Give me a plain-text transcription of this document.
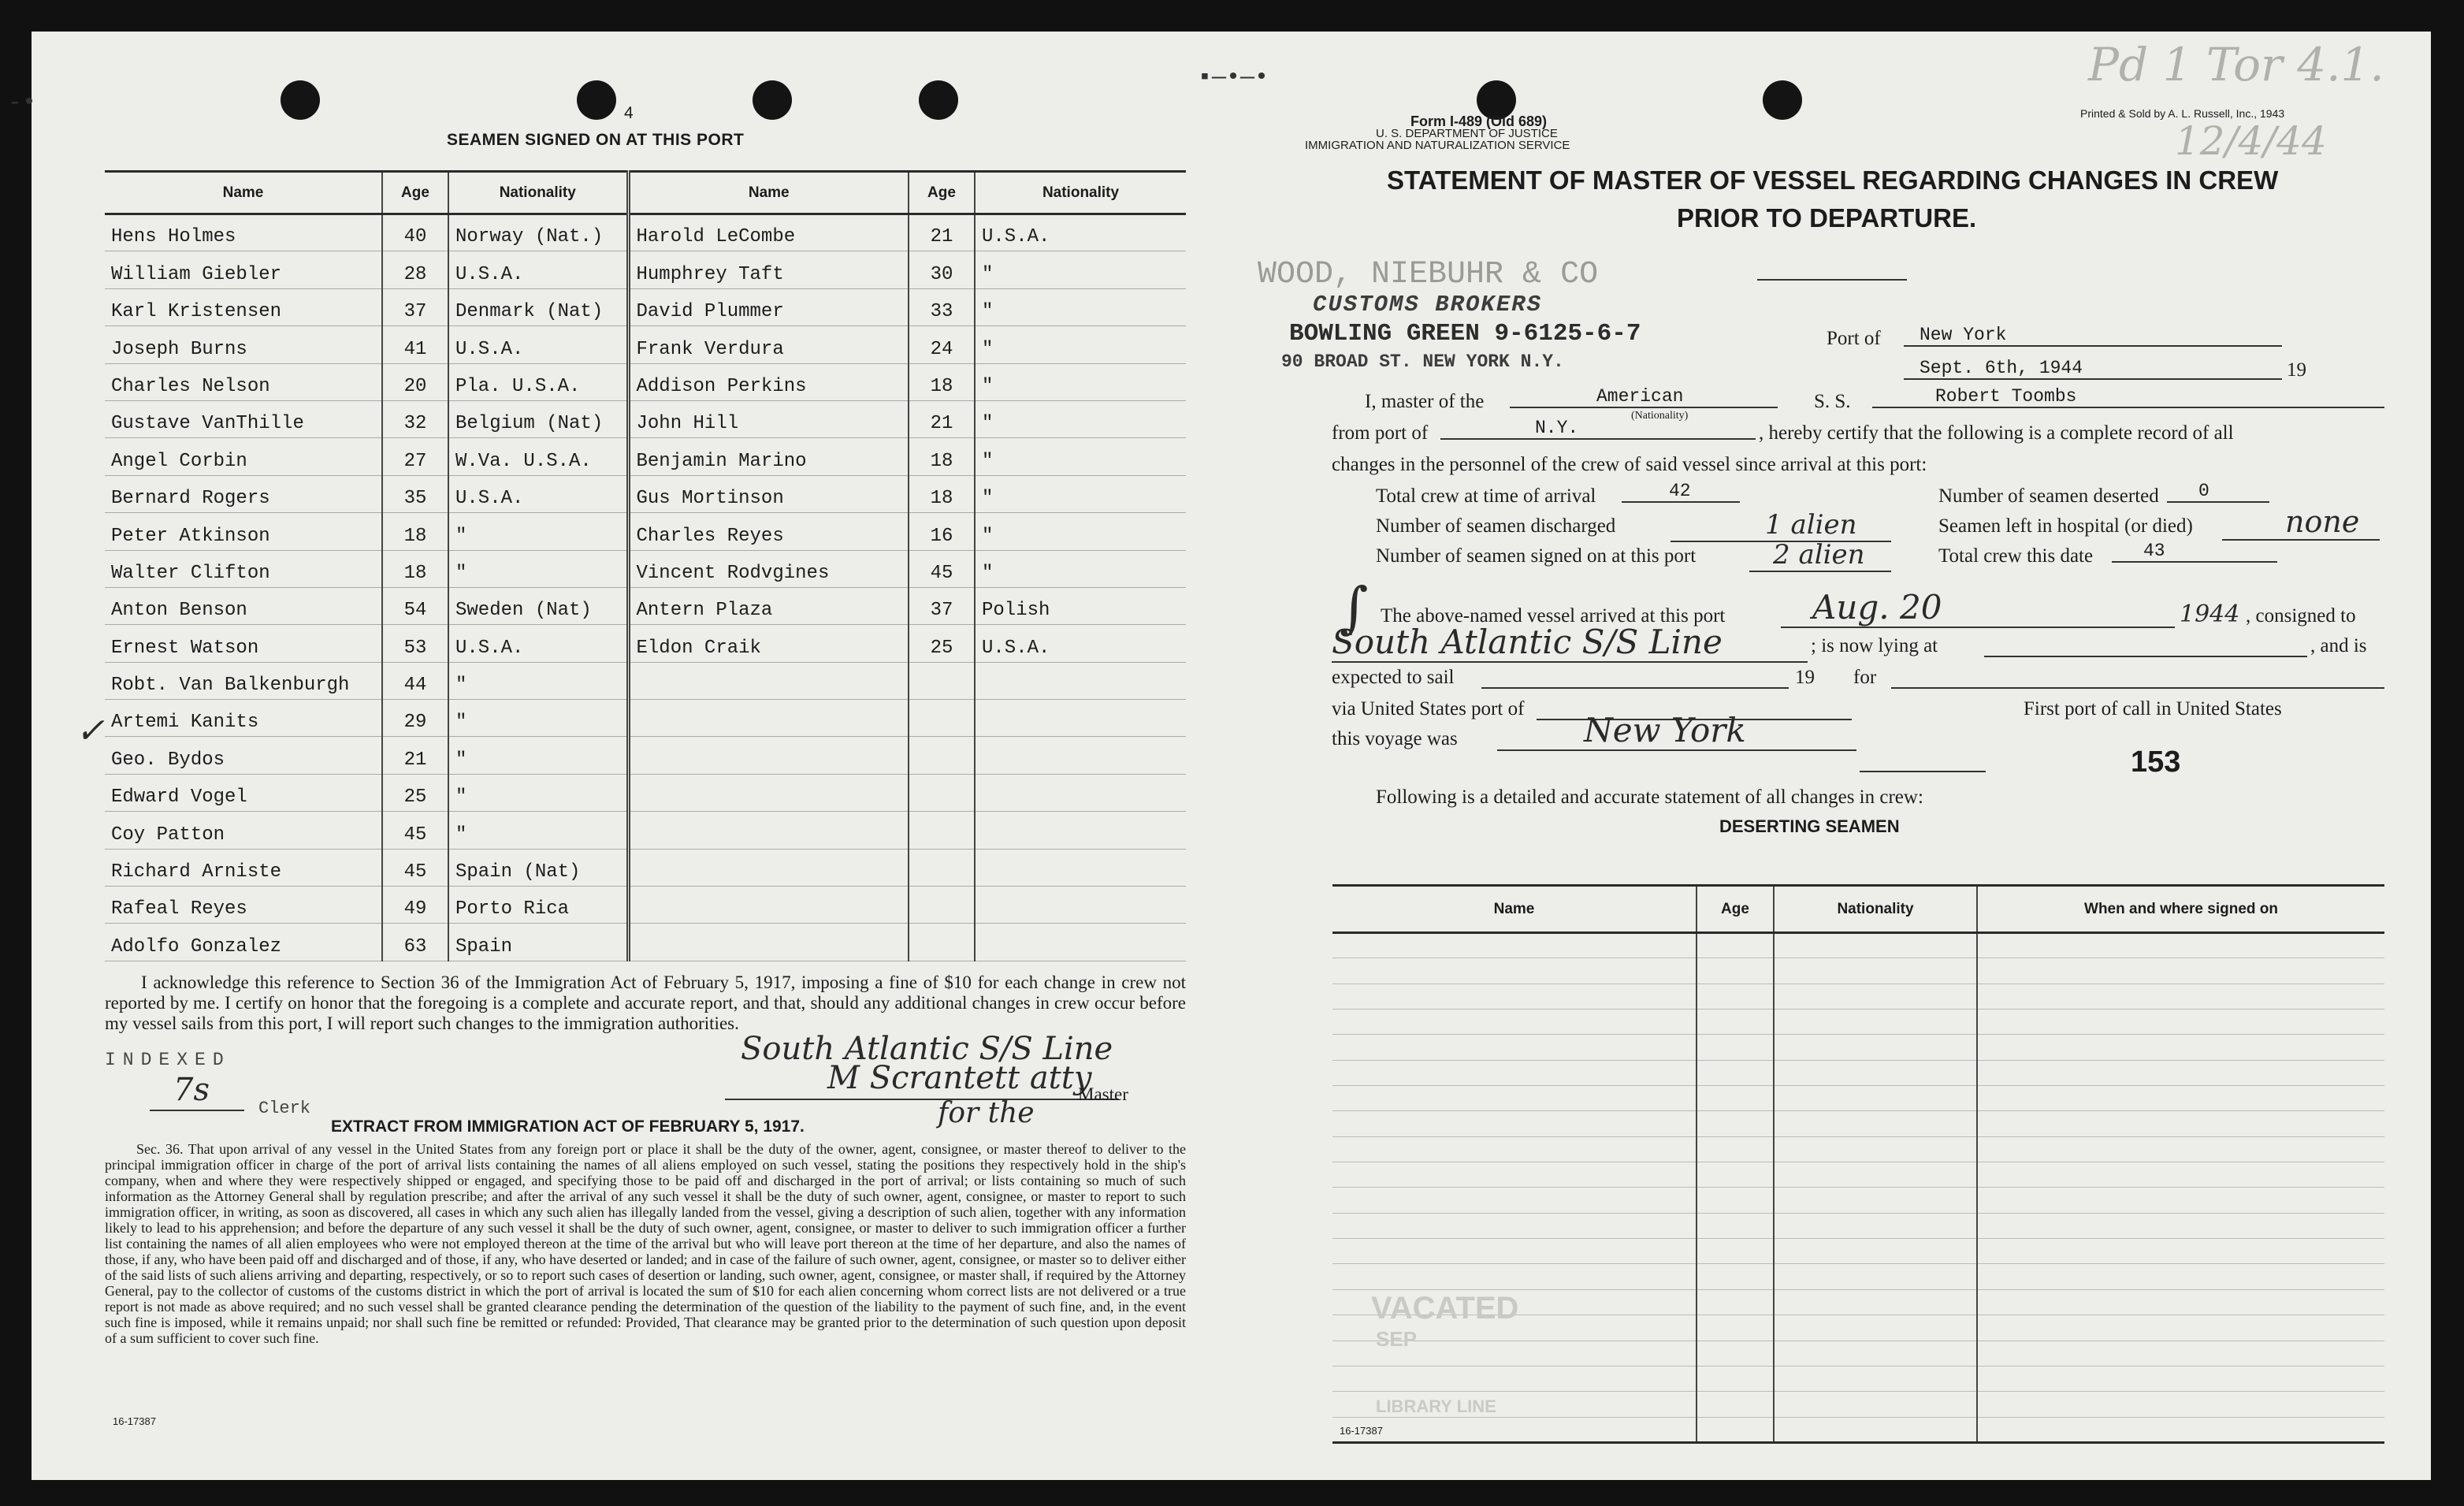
-•
▪—•—•
4
SEAMEN SIGNED ON AT THIS PORT
Name	Age	Nationality	Name	Age	Nationality
Hens Holmes	40	Norway (Nat.)	Harold LeCombe	21	U.S.A.
William Giebler	28	U.S.A.	Humphrey Taft	30	"
Karl Kristensen	37	Denmark (Nat)	David Plummer	33	"
Joseph Burns	41	U.S.A.	Frank Verdura	24	"
Charles Nelson	20	Pla. U.S.A.	Addison Perkins	18	"
Gustave VanThille	32	Belgium (Nat)	John Hill	21	"
Angel Corbin	27	W.Va. U.S.A.	Benjamin Marino	18	"
Bernard Rogers	35	U.S.A.	Gus Mortinson	18	"
Peter Atkinson	18	"	Charles Reyes	16	"
Walter Clifton	18	"	Vincent Rodvgines	45	"
Anton Benson	54	Sweden (Nat)	Antern Plaza	37	Polish
Ernest Watson	53	U.S.A.	Eldon Craik	25	U.S.A.
Robt. Van Balkenburgh	44	"			
Artemi Kanits	29	"			
Geo. Bydos	21	"			
Edward Vogel	25	"			
Coy Patton	45	"			
Richard Arniste	45	Spain (Nat)			
Rafeal Reyes	49	Porto Rica			
Adolfo Gonzalez	63	Spain			
✓
I acknowledge this reference to Section 36 of the Immigration Act of February 5, 1917, imposing a fine of $10 for each change in crew not reported by me. I certify on honor that the foregoing is a complete and accurate report, and that, should any additional changes in crew occur before my vessel sails from this port, I will report such changes to the immigration authorities.
INDEXED
7s
Clerk
South Atlantic S/S Line
M Scrantett atty
for the
Master
EXTRACT FROM IMMIGRATION ACT OF FEBRUARY 5, 1917.
Sec. 36. That upon arrival of any vessel in the United States from any foreign port or place it shall be the duty of the owner, agent, consignee, or master thereof to deliver to the principal immigration officer in charge of the port of arrival lists containing the names of all aliens employed on such vessel, stating the positions they respectively hold in the ship's company, when and where they were respectively shipped or engaged, and specifying those to be paid off and discharged in the port of arrival; or lists containing so much of such information as the Attorney General shall by regulation prescribe; and after the arrival of any such vessel it shall be the duty of such owner, agent, consignee, or master to report to such immigration officer, in writing, as soon as discovered, all cases in which any such alien has illegally landed from the vessel, giving a description of such alien, together with any information likely to lead to his apprehension; and before the departure of any such vessel it shall be the duty of such owner, agent, consignee, or master to deliver to such immigration officer a further list containing the names of all alien employees who were not employed thereon at the time of the arrival but who will leave port thereon at the time of her departure, and also the names of those, if any, who have been paid off and discharged and of those, if any, who have deserted or landed; and in case of the failure of such owner, agent, consignee, or master so to deliver either of the said lists of such aliens arriving and departing, respectively, or so to report such cases of desertion or landing, such owner, agent, consignee, or master shall, if required by the Attorney General, pay to the collector of customs of the customs district in which the port of arrival is located the sum of $10 for each alien concerning whom correct lists are not delivered or a true report is not made as above required; and no such vessel shall be granted clearance pending the determination of the question of the liability to the payment of such fine, and, in the event such fine is imposed, while it remains unpaid; nor shall such fine be remitted or refunded: Provided, That clearance may be granted prior to the determination of such question upon deposit of a sum sufficient to cover such fine.
16-17387
Pd 1 Tor 4.1.
12/4/44
Form I-489 (Old 689)
U. S. DEPARTMENT OF JUSTICE
IMMIGRATION AND NATURALIZATION SERVICE
Printed & Sold by A. L. Russell, Inc., 1943
STATEMENT OF MASTER OF VESSEL REGARDING CHANGES IN CREW
PRIOR TO DEPARTURE.
WOOD, NIEBUHR & CO
CUSTOMS BROKERS
BOWLING GREEN 9-6125-6-7
90 BROAD ST. NEW YORK N.Y.
Port of	New York
Sept. 6th, 1944	19
I, master of the	American
(Nationality)
S. S.	Robert Toombs
from port of	N.Y.	, hereby certify that the following is a complete record of all
changes in the personnel of the crew of said vessel since arrival at this port:
Total crew at time of arrival	42
Number of seamen discharged	1 alien
Number of seamen signed on at this port	2 alien
Number of seamen deserted	0
Seamen left in hospital (or died)	none
Total crew this date	43
∫ The above-named vessel arrived at this port	Aug. 20	1944 , consigned to
South Atlantic S/S Line	; is now lying at	, and is
expected to sail	19 for
via United States port of	First port of call in United States
this voyage was	New York
153
Following is a detailed and accurate statement of all changes in crew:
DESERTING SEAMEN
Name	Age	Nationality	When and where signed on

VACATED
SEP
LIBRARY LINE
16-17387
